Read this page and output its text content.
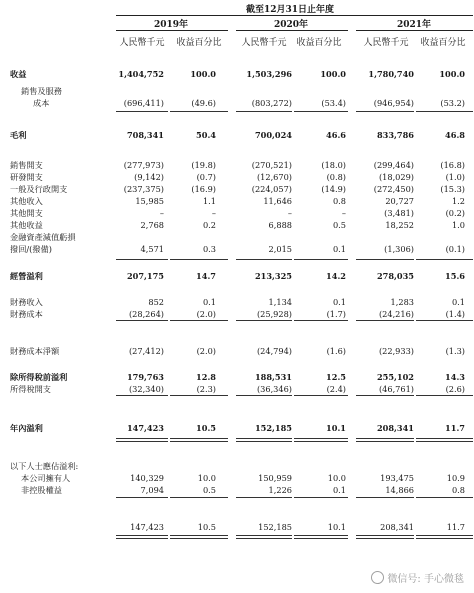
截至12月31日止年度
2019年	2020年	2021年
人民幣千元	收益百分比	人民幣千元	收益百分比	人民幣千元	收益百分比
收益	1,404,752	100.0	1,503,296	100.0	1,780,740	100.0
銷售及服務
成本	(696,411)	(49.6)	(803,272)	(53.4)	(946,954)	(53.2)
毛利	708,341	50.4	700,024	46.6	833,786	46.8
銷售開支	(277,973)	(19.8)	(270,521)	(18.0)	(299,464)	(16.8)
研發開支	(9,142)	(0.7)	(12,670)	(0.8)	(18,029)	(1.0)
一般及行政開支	(237,375)	(16.9)	(224,057)	(14.9)	(272,450)	(15.3)
其他收入	15,985	1.1	11,646	0.8	20,727	1.2
其他開支	–	–	–	–	(3,481)	(0.2)
其他收益	2,768	0.2	6,888	0.5	18,252	1.0
金融資產減值虧損
撥回/(撥備)	4,571	0.3	2,015	0.1	(1,306)	(0.1)
經營溢利	207,175	14.7	213,325	14.2	278,035	15.6
財務收入	852	0.1	1,134	0.1	1,283	0.1
財務成本	(28,264)	(2.0)	(25,928)	(1.7)	(24,216)	(1.4)
財務成本淨額	(27,412)	(2.0)	(24,794)	(1.6)	(22,933)	(1.3)
除所得稅前溢利	179,763	12.8	188,531	12.5	255,102	14.3
所得稅開支	(32,340)	(2.3)	(36,346)	(2.4)	(46,761)	(2.6)
年內溢利	147,423	10.5	152,185	10.1	208,341	11.7
以下人士應佔溢利:
本公司擁有人	140,329	10.0	150,959	10.0	193,475	10.9
非控股權益	7,094	0.5	1,226	0.1	14,866	0.8
147,423	10.5	152,185	10.1	208,341	11.7
微信号: 手心微毯
